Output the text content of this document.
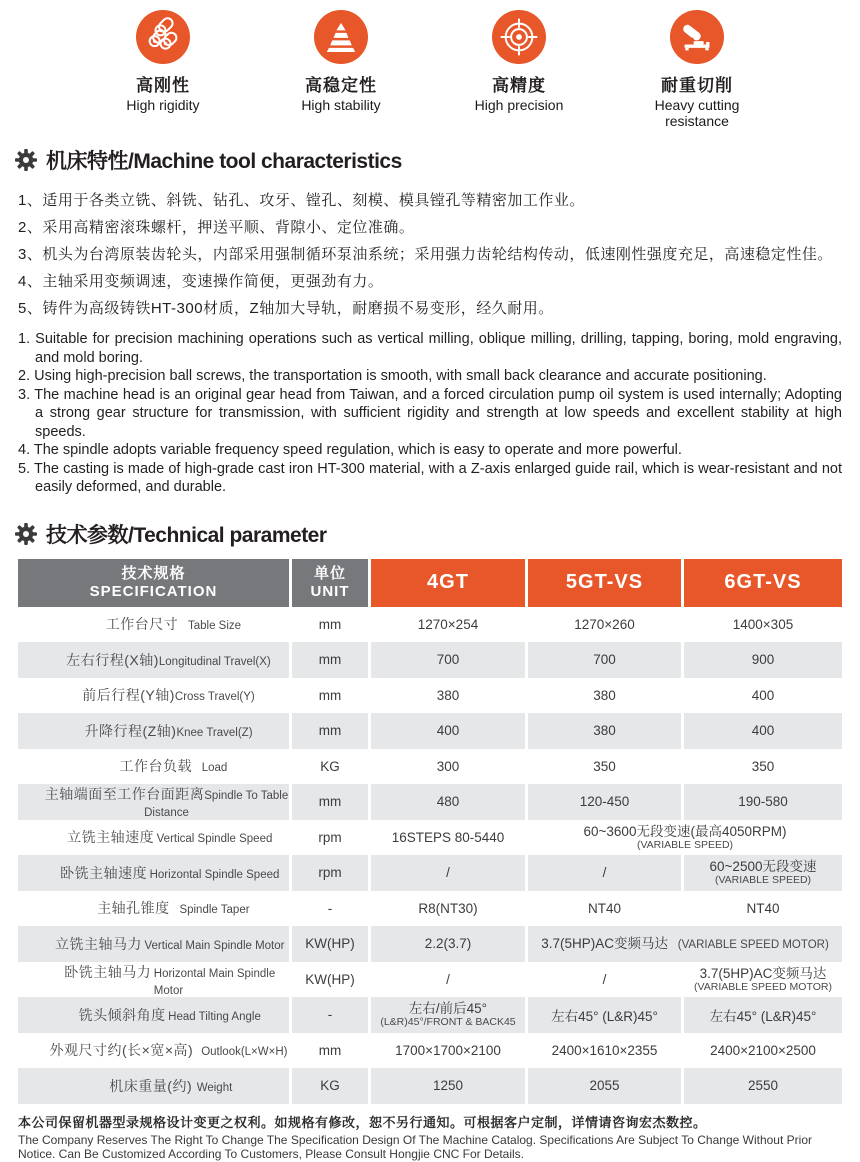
高刚性
High rigidity
高稳定性
High stability
高精度
High precision
耐重切削
Heavy cutting resistance
机床特性/Machine tool characteristics
1、适用于各类立铣、斜铣、钻孔、攻牙、镗孔、刻模、模具镗孔等精密加工作业。
2、采用高精密滚珠螺杆，押送平顺、背隙小、定位准确。
3、机头为台湾原装齿轮头，内部采用强制循环泵油系统；采用强力齿轮结构传动，低速刚性强度充足，高速稳定性佳。
4、主轴采用变频调速，变速操作简便，更强劲有力。
5、铸件为高级铸铁HT-300材质，Z轴加大导轨，耐磨损不易变形，经久耐用。
1. Suitable for precision machining operations such as vertical milling, oblique milling, drilling, tapping, boring, mold engraving, and mold boring.
2. Using high-precision ball screws, the transportation is smooth, with small back clearance and accurate positioning.
3. The machine head is an original gear head from Taiwan, and a forced circulation pump oil system is used internally; Adopting a strong gear structure for transmission, with sufficient rigidity and strength at low speeds and excellent stability at high speeds.
4. The spindle adopts variable frequency speed regulation, which is easy to operate and more powerful.
5. The casting is made of high-grade cast iron HT-300 material, with a Z-axis enlarged guide rail, which is wear-resistant and not easily deformed, and durable.
技术参数/Technical parameter
技术规格
SPECIFICATION

单位
UNIT	4GT	5GT-VS	6GT-VS
工作台尺寸 Table Size	mm	1270×254	1270×260	1400×305

左右行程(X轴)Longitudinal Travel(X)	mm	700	700	900

前后行程(Y轴)Cross Travel(Y)	mm	380	380	400

升降行程(Z轴)Knee Travel(Z)	mm	400	380	400

工作台负载 Load	KG	300	350	350

主轴端面至工作台面距离Spindle To Table Distance	mm	480	120-450	190-580

立铣主轴速度 Vertical Spindle Speed	rpm	16STEPS 80-5440	60~3600无段变速(最高4050RPM)
(VARIABLE SPEED)	

卧铣主轴速度 Horizontal Spindle Speed	rpm	/	/	60~2500无段变速
(VARIABLE SPEED)

主轴孔锥度 Spindle Taper	-	R8(NT30)	NT40	NT40

立铣主轴马力 Vertical Main Spindle Motor	KW(HP)	2.2(3.7)	3.7(5HP)AC变频马达 (VARIABLE SPEED MOTOR)	
卧铣主轴马力 Horizontal Main Spindle Motor	KW(HP)	/	/	3.7(5HP)AC变频马达
(VARIABLE SPEED MOTOR)

铣头倾斜角度 Head Tilting Angle	-	左右/前后45°
(L&R)45°/FRONT & BACK45	左右45° (L&R)45°	左右45° (L&R)45°

外观尺寸约(长×宽×高) Outlook(L×W×H)	mm	1700×1700×2100	2400×1610×2355	2400×2100×2500

机床重量(约) Weight	KG	1250	2055	2550
本公司保留机器型录规格设计变更之权利。如规格有修改，恕不另行通知。可根据客户定制，详情请咨询宏杰数控。
The Company Reserves The Right To Change The Specification Design Of The Machine Catalog. Specifications Are Subject To Change Without Prior Notice. Can Be Customized According To Customers, Please Consult Hongjie CNC For Details.
